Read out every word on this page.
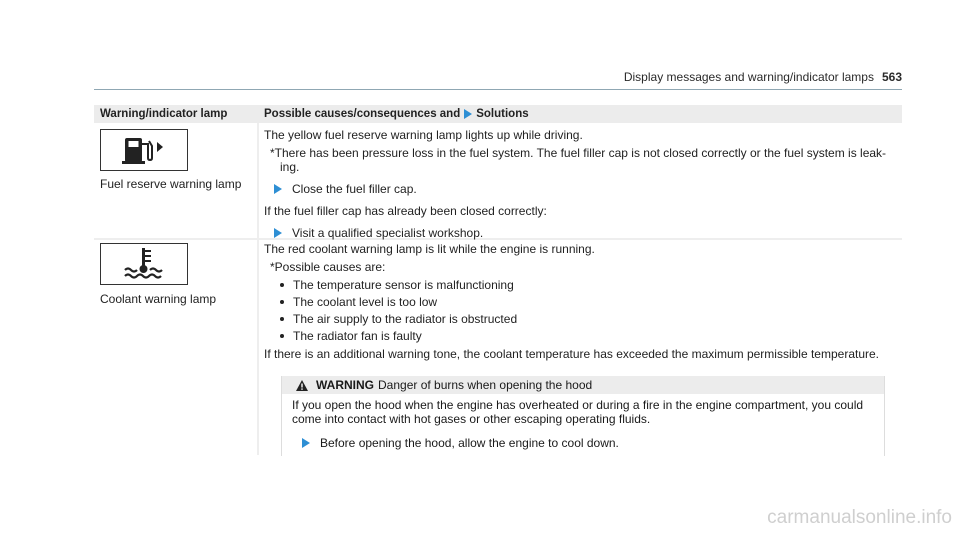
Display messages and warning/indicator lamps 563
Warning/indicator lamp	Possible causes/consequences and Solutions
Fuel reserve warning lamp

The yellow fuel reserve warning lamp lights up while driving.

*There has been pressure loss in the fuel system. The fuel filler cap is not closed correctly or the fuel system is leak-ing.

Close the fuel filler cap.

If the fuel filler cap has already been closed correctly:

Visit a qualified specialist workshop.

Coolant warning lamp

The red coolant warning lamp is lit while the engine is running.

*Possible causes are:

The temperature sensor is malfunctioning
The coolant level is too low
The air supply to the radiator is obstructed
The radiator fan is faulty

If there is an additional warning tone, the coolant temperature has exceeded the maximum permissible temperature.

WARNING Danger of burns when opening the hood
If you open the hood when the engine has overheated or during a fire in the engine compartment, you could come into contact with hot gases or other escaping operating fluids.

Before opening the hood, allow the engine to cool down.

carmanualsonline.info
